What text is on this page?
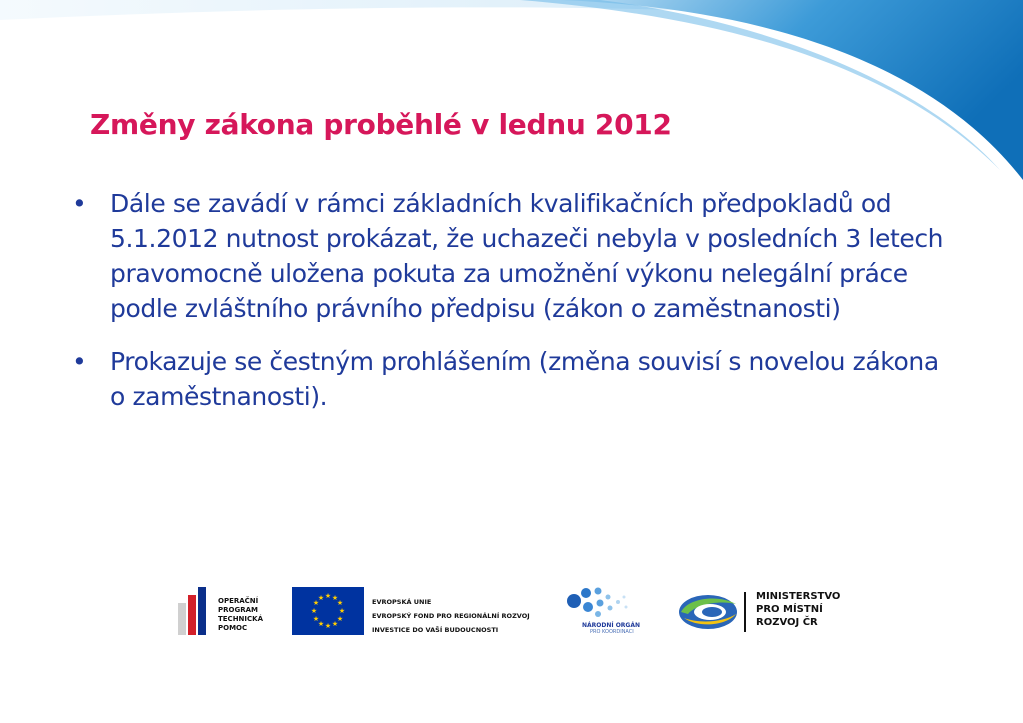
Změny zákona proběhlé v lednu 2012
• Dále se zavádí v rámci základních kvalifikačních předpokladů od 5.1.2012 nutnost prokázat, že uchazeči nebyla v posledních 3 letech pravomocně uložena pokuta za umožnění výkonu nelegální práce podle zvláštního právního předpisu (zákon o zaměstnanosti)
• Prokazuje se čestným prohlášením (změna souvisí s novelou zákona o zaměstnanosti).
OPERAČNÍ
PROGRAM
TECHNICKÁ
POMOC
★ ★
★
★
★
★
★
★
★
★
★
★	EVROPSKÁ UNIE
EVROPSKÝ FOND PRO REGIONÁLNÍ ROZVOJ
INVESTICE DO VAŠÍ BUDOUCNOSTI
NÁRODNÍ ORGÁN
PRO KOORDINACI
MINISTERSTVO
PRO MÍSTNÍ
ROZVOJ ČR
